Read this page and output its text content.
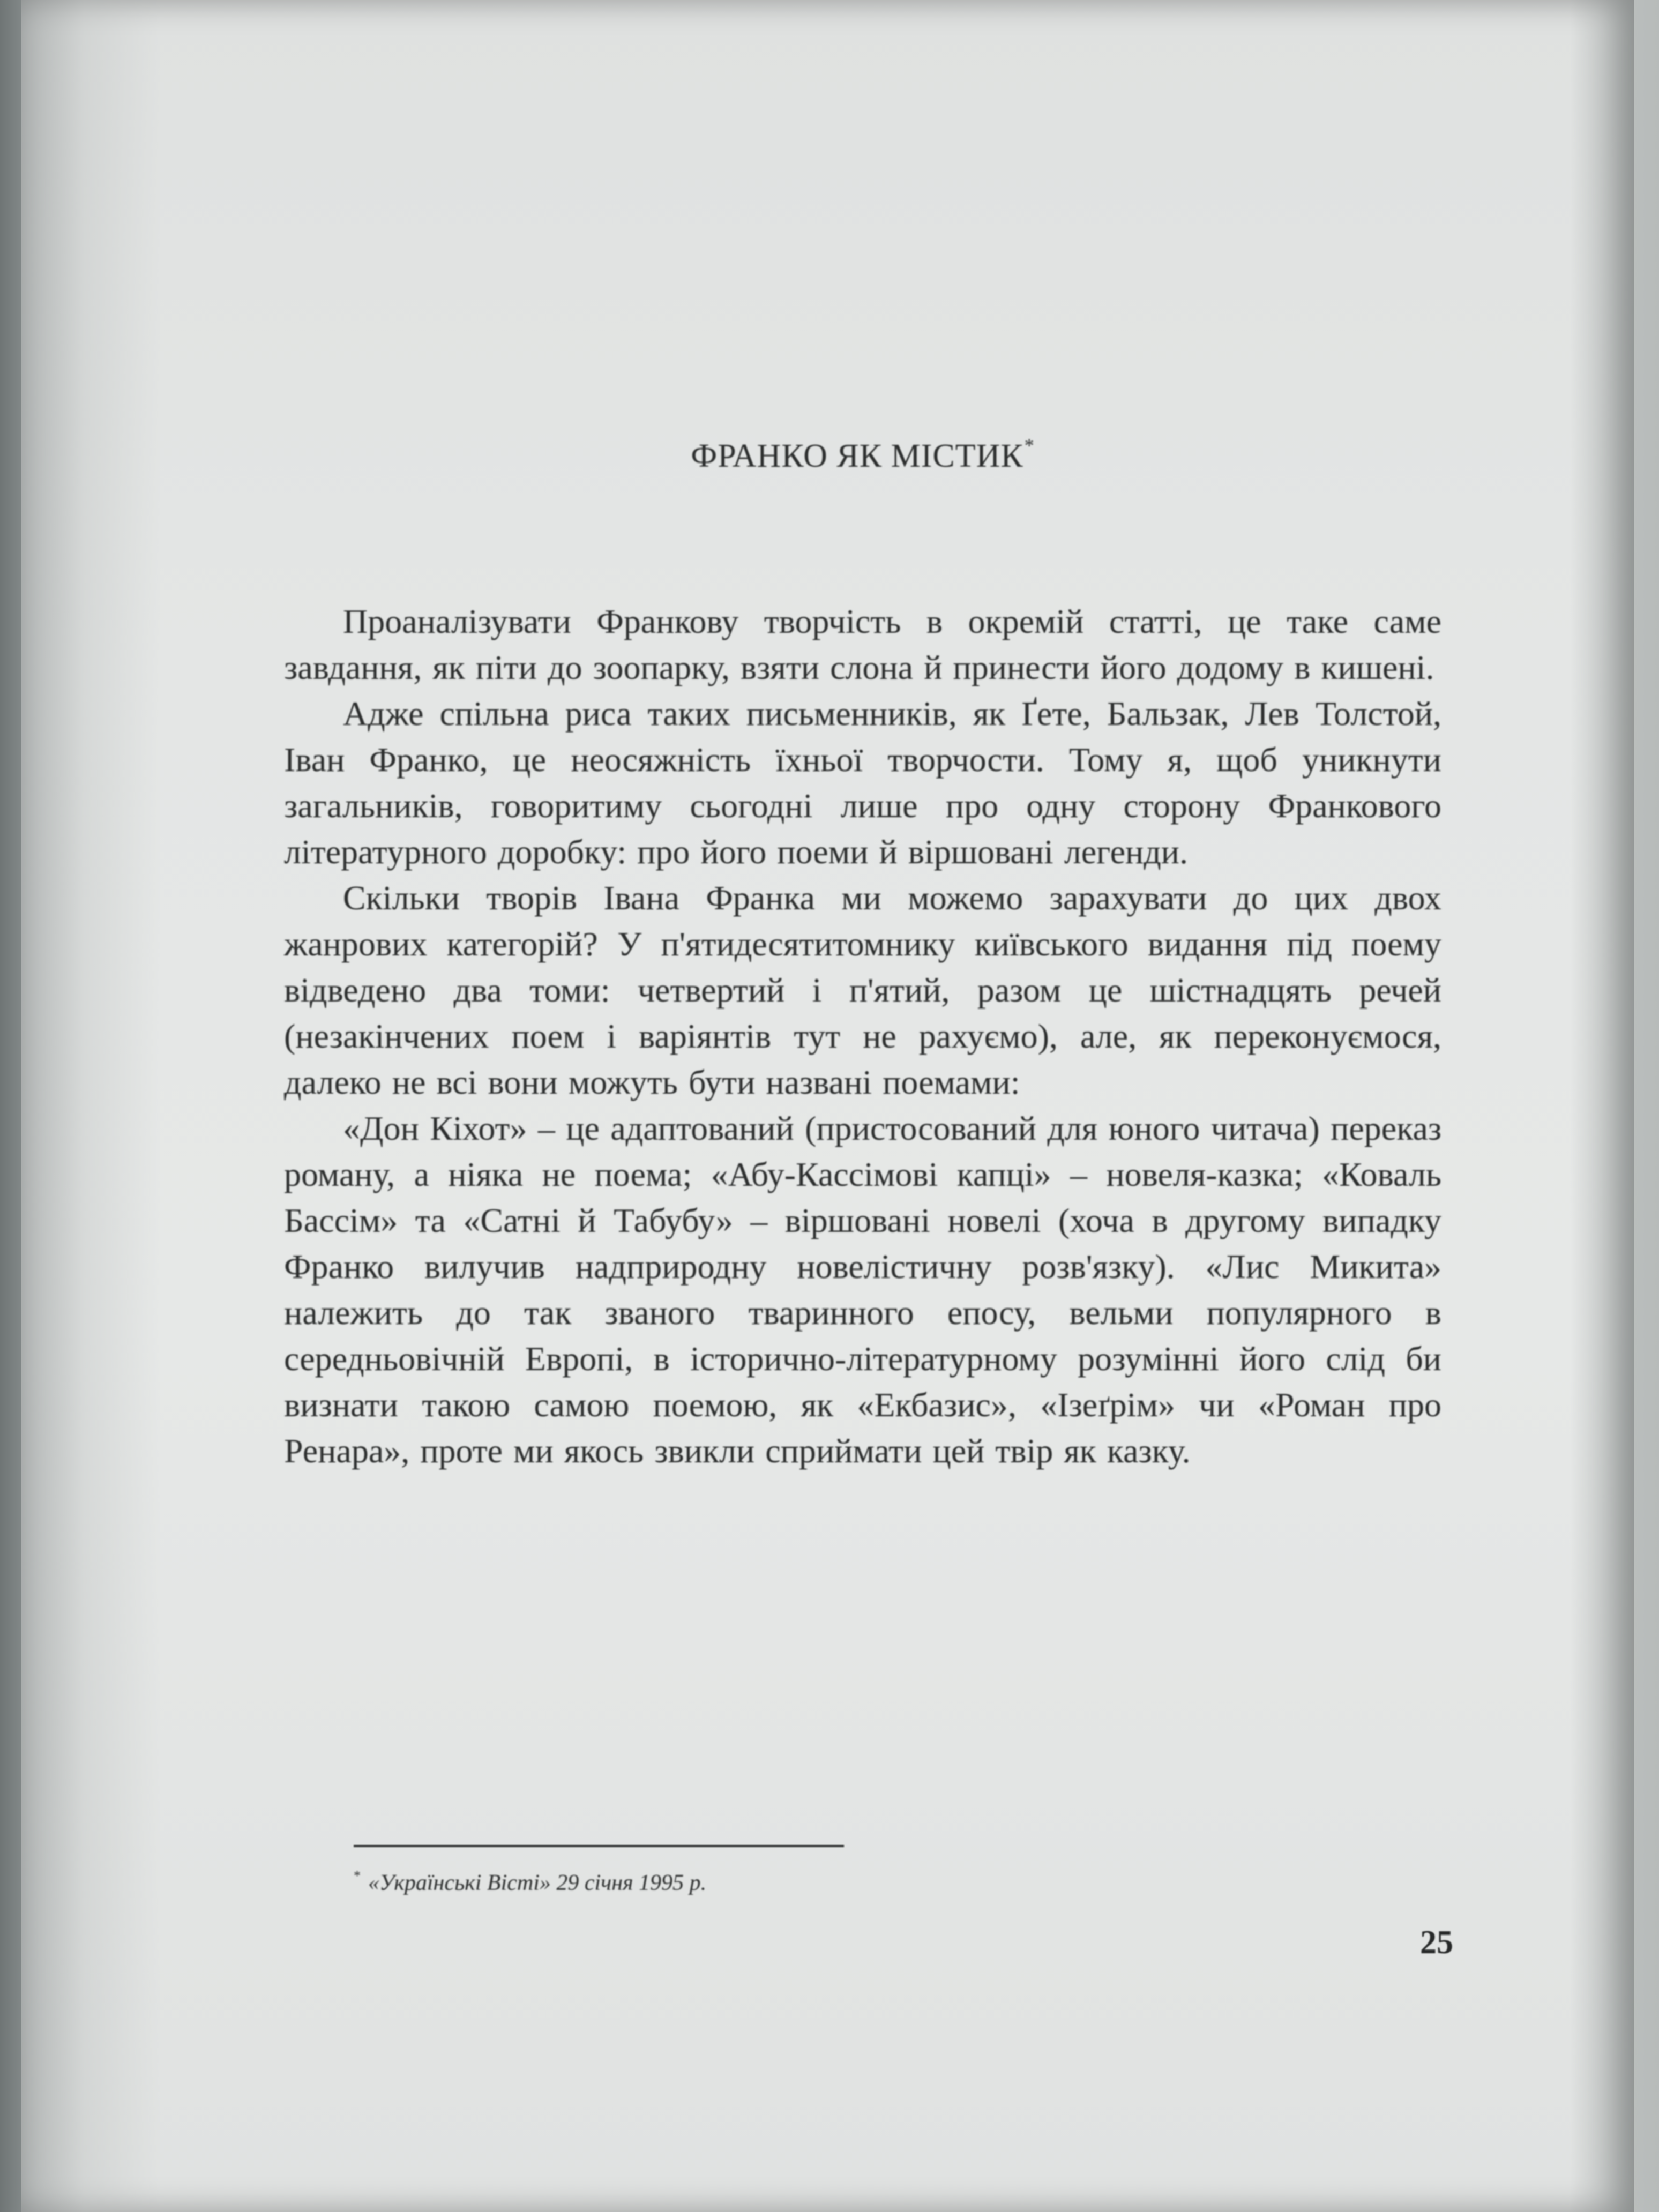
ФРАНКО ЯК МІСТИК*

Проаналізувати Франкову творчість в окремій статті, це таке саме завдання, як піти до зоопарку, взяти слона й принести його додому в кишені.

Адже спільна риса таких письменників, як Ґете, Бальзак, Лев Толстой, Іван Франко, це неосяжність їхньої творчости. Тому я, щоб уникнути загальників, говоритиму сьогодні лише про одну сторону Франкового літературного доробку: про його поеми й віршовані легенди.

Скільки творів Івана Франка ми можемо зарахувати до цих двох жанрових категорій? У п'ятидесятитомнику київського видання під поему відведено два томи: четвертий і п'ятий, разом це шістнадцять речей (незакінчених поем і варіянтів тут не рахуємо), але, як переконуємося, далеко не всі вони можуть бути названі поемами:

«Дон Кіхот» – це адаптований (пристосований для юного читача) переказ роману, а ніяка не поема; «Абу-Кассімові капці» – новеля-казка; «Коваль Бассім» та «Сатні й Табубу» – віршовані новелі (хоча в другому випадку Франко вилучив надприродну новелістичну розв'язку). «Лис Микита» належить до так званого тваринного епосу, вельми популярного в середньовічній Европі, в історично-літературному розумінні його слід би визнати такою самою поемою, як «Екбазис», «Ізеґрім» чи «Роман про Ренара», проте ми якось звикли сприймати цей твір як казку.

* «Українські Вісті» 29 січня 1995 р.
25
